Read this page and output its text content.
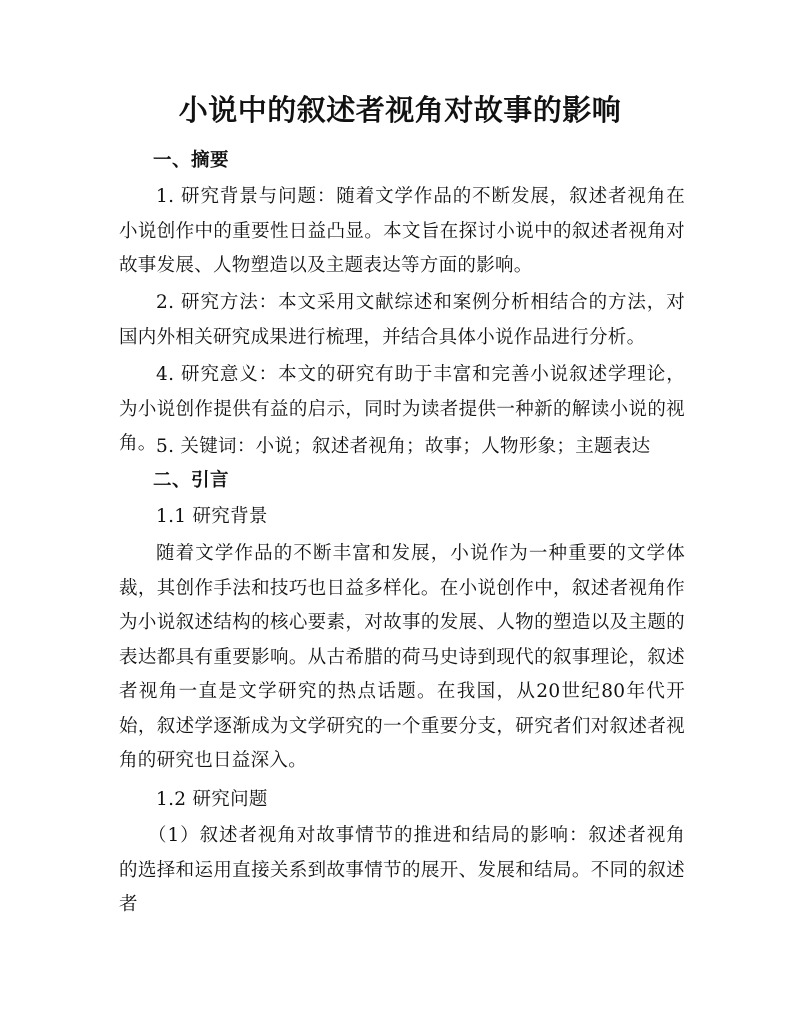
小说中的叙述者视角对故事的影响
一、摘要
1. 研究背景与问题：随着文学作品的不断发展，叙述者视角在小说创作中的重要性日益凸显。本文旨在探讨小说中的叙述者视角对故事发展、人物塑造以及主题表达等方面的影响。
2. 研究方法：本文采用文献综述和案例分析相结合的方法，对国内外相关研究成果进行梳理，并结合具体小说作品进行分析。
4. 研究意义：本文的研究有助于丰富和完善小说叙述学理论，为小说创作提供有益的启示，同时为读者提供一种新的解读小说的视角。 5. 关键词：小说；叙述者视角；故事；人物形象；主题表达
二、引言
1.1 研究背景
随着文学作品的不断丰富和发展，小说作为一种重要的文学体裁，其创作手法和技巧也日益多样化。在小说创作中，叙述者视角作为小说叙述结构的核心要素，对故事的发展、人物的塑造以及主题的表达都具有重要影响。从古希腊的荷马史诗到现代的叙事理论，叙述者视角一直是文学研究的热点话题。在我国，从20世纪80年代开始，叙述学逐渐成为文学研究的一个重要分支，研究者们对叙述者视角的研究也日益深入。
1.2 研究问题
（1）叙述者视角对故事情节的推进和结局的影响：叙述者视角的选择和运用直接关系到故事情节的展开、发展和结局。不同的叙述者
